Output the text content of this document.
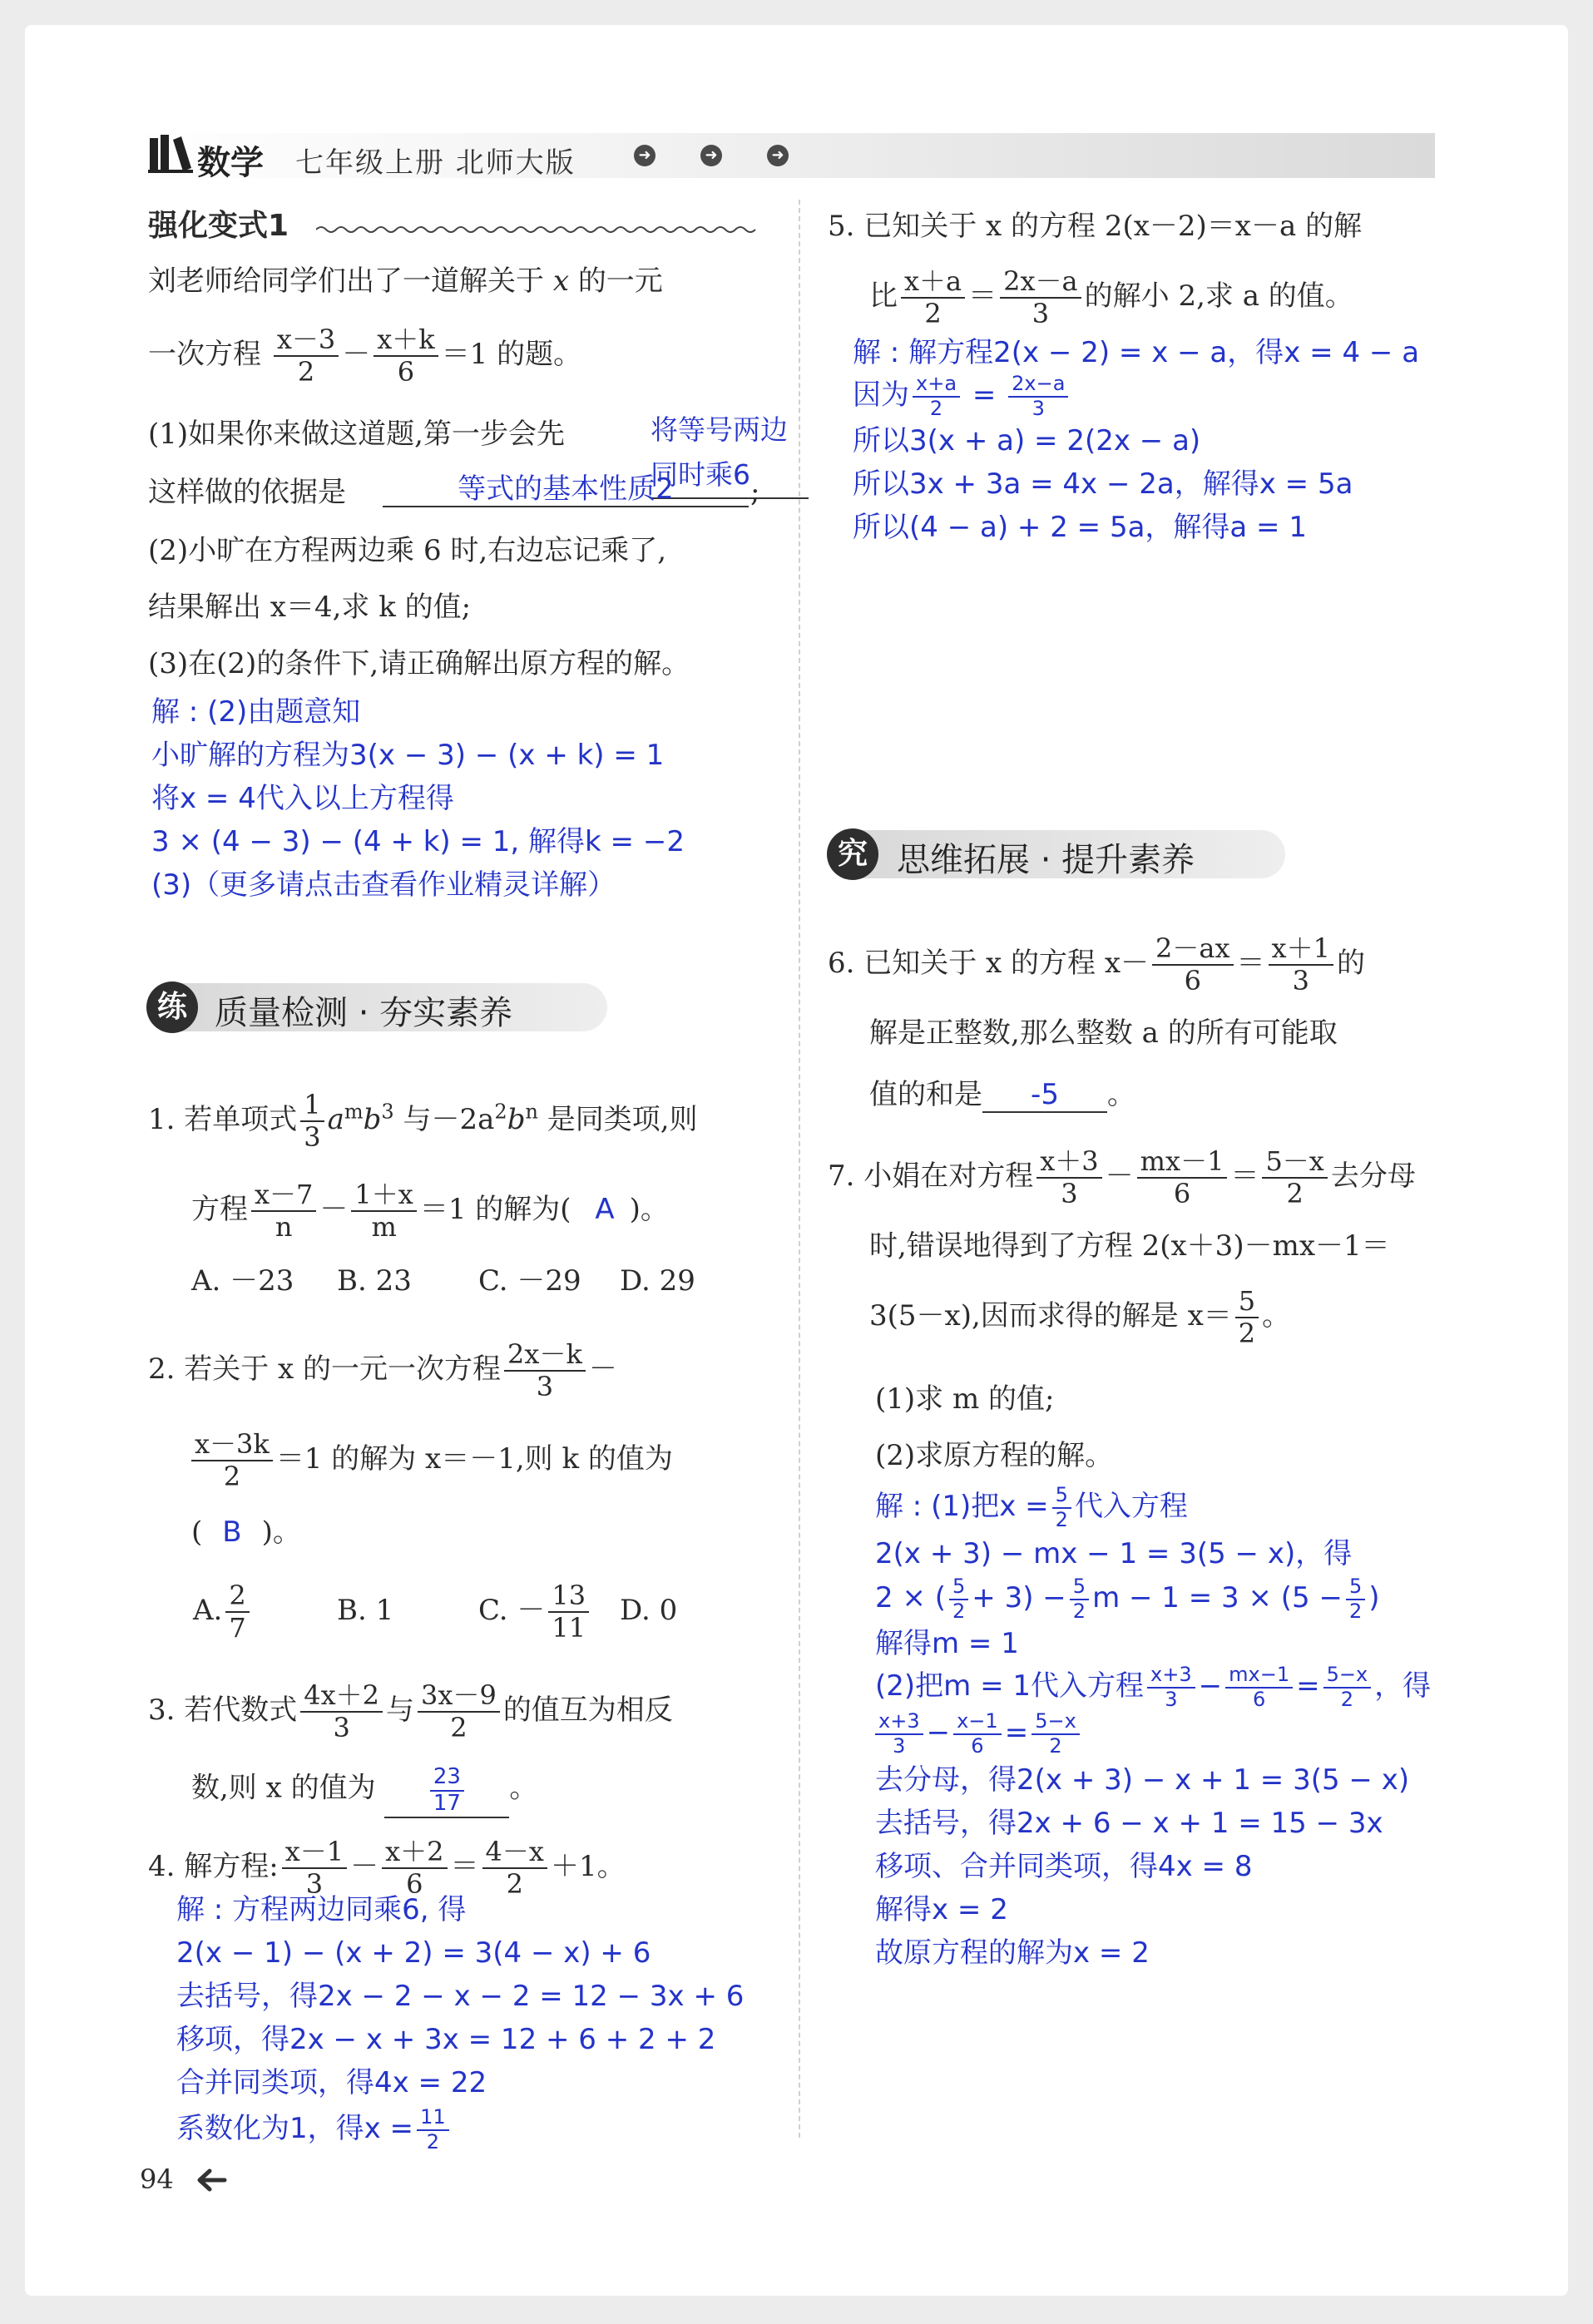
数学 七年级上册 北师大版	➜	➜	➜
强化变式1
刘老师给同学们出了一道解关于 x 的一元
一次方程 $\frac{x-3}{2} - \frac{x+k}{6} =1$ 的题。
(1)如果你来做这道题,第一步会先	将等号两边同时乘6
这样做的依据是	等式的基本性质2	;
(2)小旷在方程两边乘 6 时,右边忘记乘了,
结果解出 x＝4,求 k 的值;
(3)在(2)的条件下,请正确解出原方程的解。
解 : (2)由题意知
小旷解的方程为3(x − 3) − (x + k) = 1
将x = 4代入以上方程得
3 × (4 − 3) − (4 + k) = 1, 解得k = −2
(3)（更多请点击查看作业精灵详解）
练 质量检测 · 夯实素养
1. 若单项式 $\frac{1}{3} a^mb^3$ 与$-2a^2b^n$ 是同类项,则
方程 $\frac{x-7}{n} - \frac{1+x}{m} =1$ 的解为( A )。
A. －23 B. 23 C. －29 D. 29
2. 若关于 x 的一元一次方程 $\frac{2x-k}{3}$ －
$\frac{x-3k}{2} =1$ 的解为 x＝－1,则 k 的值为
( B )。
A. $\frac{2}{7}$	B. 1	C. － $\frac{13}{11} D$. 0
3. 若代数式 $\frac{4x+2}{3}$ 与 $\frac{3x-9}{2}$ 的值互为相反
数,则 x 的值为	$\frac{23}{17}$ 。
4. 解方程: $\frac{x-1}{3} - \frac{x+2}{6} = \frac{4-x}{2} +1$。
解 : 方程两边同乘6, 得
2(x − 1) − (x + 2) = 3(4 − x) + 6
去括号，得2x − 2 − x − 2 = 12 − 3x + 6
移项，得2x − x + 3x = 12 + 6 + 2 + 2
合并同类项，得4x = 22
系数化为1，得$x = \frac{11}{2}$
94
5. 已知关于 x 的方程 2(x－2)＝x－a 的解
比 $\frac{x+a}{2} = \frac{2x-a}{3}$ 的解小 2,求 a 的值。
解 : 解方程2(x − 2) = x − a，得x = 4 − a
因为 $\frac{x+a}{2} = \frac{2x-a}{3}$
所以3(x + a) = 2(2x − a)
所以3x + 3a = 4x − 2a，解得x = 5a
所以(4 − a) + 2 = 5a，解得a = 1
究 思维拓展 · 提升素养
6. 已知关于 x 的方程 $x- \frac{2-ax}{6} = \frac{x+1}{3}$ 的
解是正整数,那么整数 a 的所有可能取
值的和是 -5 。
7. 小娟在对方程 $\frac{x+3}{3} - \frac{mx-1}{6} = \frac{5-x}{2}$ 去分母
时,错误地得到了方程 2(x＋3)－mx－1＝
3(5－x),因而求得的解是 $x= \frac{5}{2}$ 。
(1)求 m 的值;
(2)求原方程的解。
解 : (1)把$x = \frac{5}{2}$ 代入方程
2(x + 3) − mx − 1 = 3(5 − x)，得
2 × ( $\frac{5}{2} + 3) - \frac{5}{2}$ $m - 1 = 3 \times (5 - \frac{5}{2}$ )
解得m = 1
(2)把m = 1代入方程 $\frac{x+3}{3} - \frac{mx-1}{6} = \frac{5-x}{2}$ ，得
$\frac{x+3}{3} - \frac{x-1}{6} = \frac{5-x}{2}$
去分母，得2(x + 3) − x + 1 = 3(5 − x)
去括号，得2x + 6 − x + 1 = 15 − 3x
移项、合并同类项，得4x = 8
解得x = 2
故原方程的解为x = 2
